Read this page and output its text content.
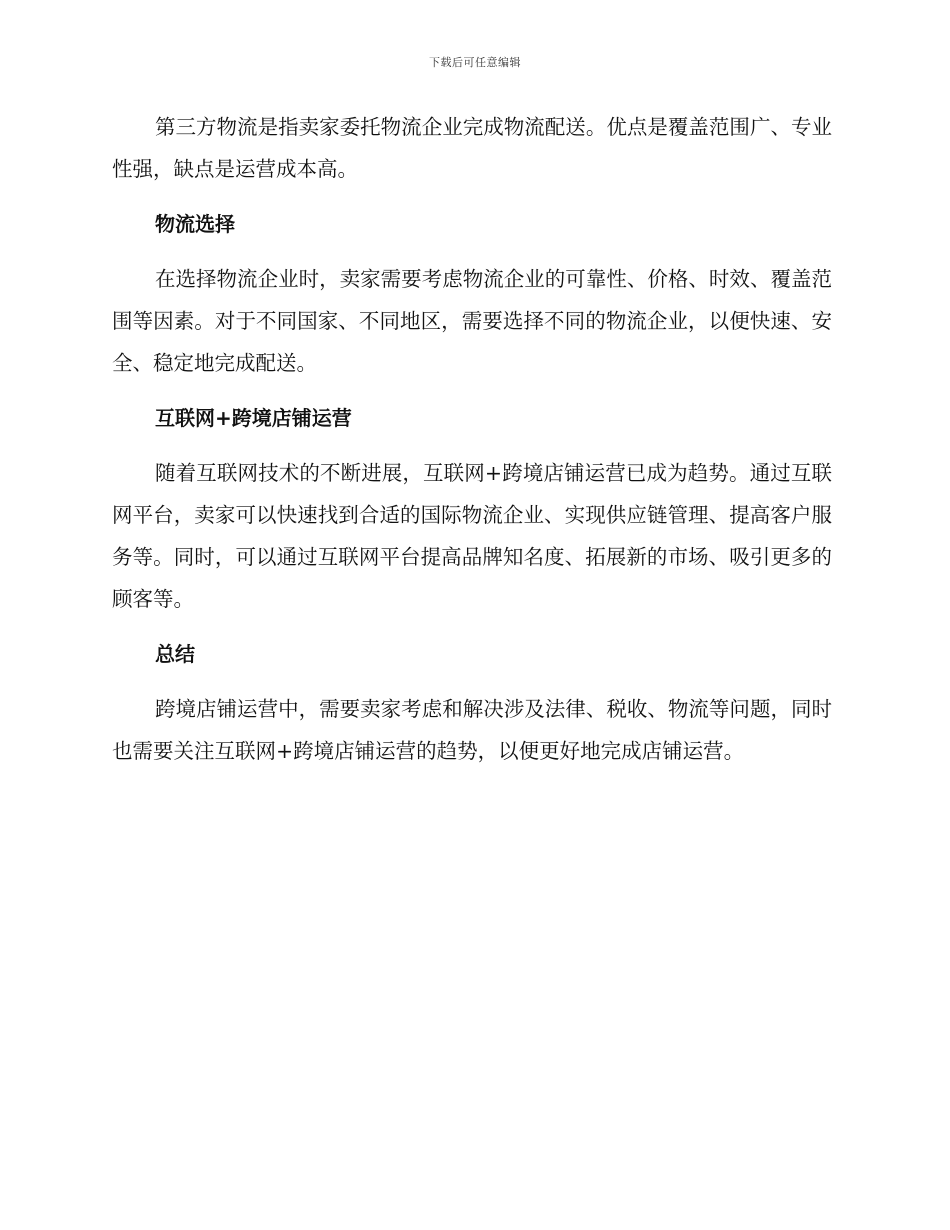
下载后可任意编辑

第三方物流是指卖家委托物流企业完成物流配送。优点是覆盖范围广、专业性强，缺点是运营成本高。

物流选择

在选择物流企业时，卖家需要考虑物流企业的可靠性、价格、时效、覆盖范围等因素。对于不同国家、不同地区，需要选择不同的物流企业，以便快速、安全、稳定地完成配送。

互联网+跨境店铺运营

随着互联网技术的不断进展，互联网+跨境店铺运营已成为趋势。通过互联网平台，卖家可以快速找到合适的国际物流企业、实现供应链管理、提高客户服务等。同时，可以通过互联网平台提高品牌知名度、拓展新的市场、吸引更多的顾客等。

总结

跨境店铺运营中，需要卖家考虑和解决涉及法律、税收、物流等问题，同时也需要关注互联网+跨境店铺运营的趋势，以便更好地完成店铺运营。
